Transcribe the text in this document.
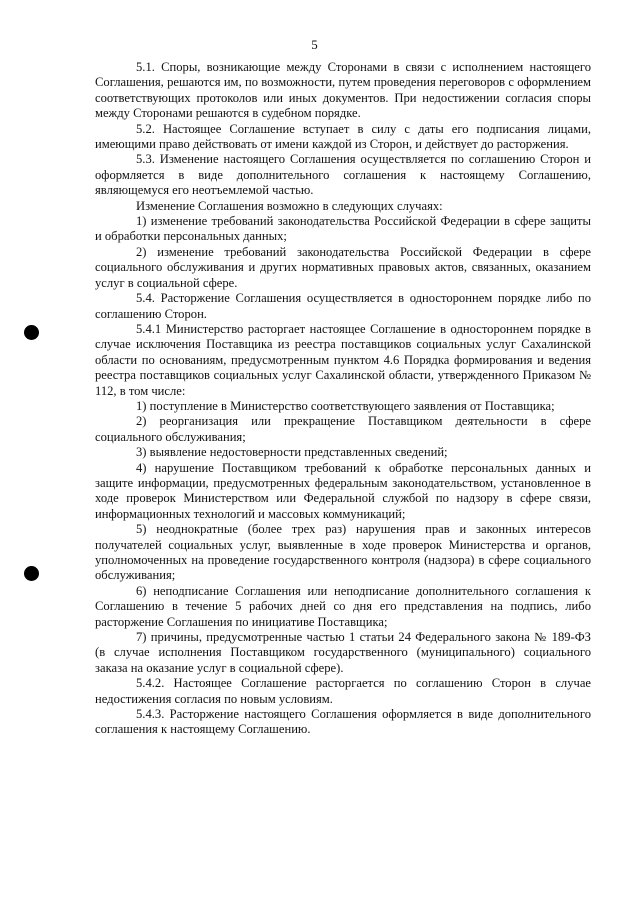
5

5.1. Споры, возникающие между Сторонами в связи с исполнением настоящего Соглашения, решаются им, по возможности, путем проведения переговоров с оформлением соответствующих протоколов или иных документов. При недостижении согласия споры между Сторонами решаются в судебном порядке.

5.2. Настоящее Соглашение вступает в силу с даты его подписания лицами, имеющими право действовать от имени каждой из Сторон, и действует до расторжения.

5.3. Изменение настоящего Соглашения осуществляется по соглашению Сторон и оформляется в виде дополнительного соглашения к настоящему Соглашению, являющемуся его неотъемлемой частью.

Изменение Соглашения возможно в следующих случаях:

1) изменение требований законодательства Российской Федерации в сфере защиты и обработки персональных данных;

2) изменение требований законодательства Российской Федерации в сфере социального обслуживания и других нормативных правовых актов, связанных, оказанием услуг в социальной сфере.

5.4. Расторжение Соглашения осуществляется в одностороннем порядке либо по соглашению Сторон.

5.4.1 Министерство расторгает настоящее Соглашение в одностороннем порядке в случае исключения Поставщика из реестра поставщиков социальных услуг Сахалинской области по основаниям, предусмотренным пунктом 4.6 Порядка формирования и ведения реестра поставщиков социальных услуг Сахалинской области, утвержденного Приказом № 112, в том числе:

1) поступление в Министерство соответствующего заявления от Поставщика;

2) реорганизация или прекращение Поставщиком деятельности в сфере социального обслуживания;

3) выявление недостоверности представленных сведений;

4) нарушение Поставщиком требований к обработке персональных данных и защите информации, предусмотренных федеральным законодательством, установленное в ходе проверок Министерством или Федеральной службой по надзору в сфере связи, информационных технологий и массовых коммуникаций;

5) неоднократные (более трех раз) нарушения прав и законных интересов получателей социальных услуг, выявленные в ходе проверок Министерства и органов, уполномоченных на проведение государственного контроля (надзора) в сфере социального обслуживания;

6) неподписание Соглашения или неподписание дополнительного соглашения к Соглашению в течение 5 рабочих дней со дня его представления на подпись, либо расторжение Соглашения по инициативе Поставщика;

7) причины, предусмотренные частью 1 статьи 24 Федерального закона № 189-ФЗ (в случае исполнения Поставщиком государственного (муниципального) социального заказа на оказание услуг в социальной сфере).

5.4.2. Настоящее Соглашение расторгается по соглашению Сторон в случае недостижения согласия по новым условиям.

5.4.3. Расторжение настоящего Соглашения оформляется в виде дополнительного соглашения к настоящему Соглашению.
